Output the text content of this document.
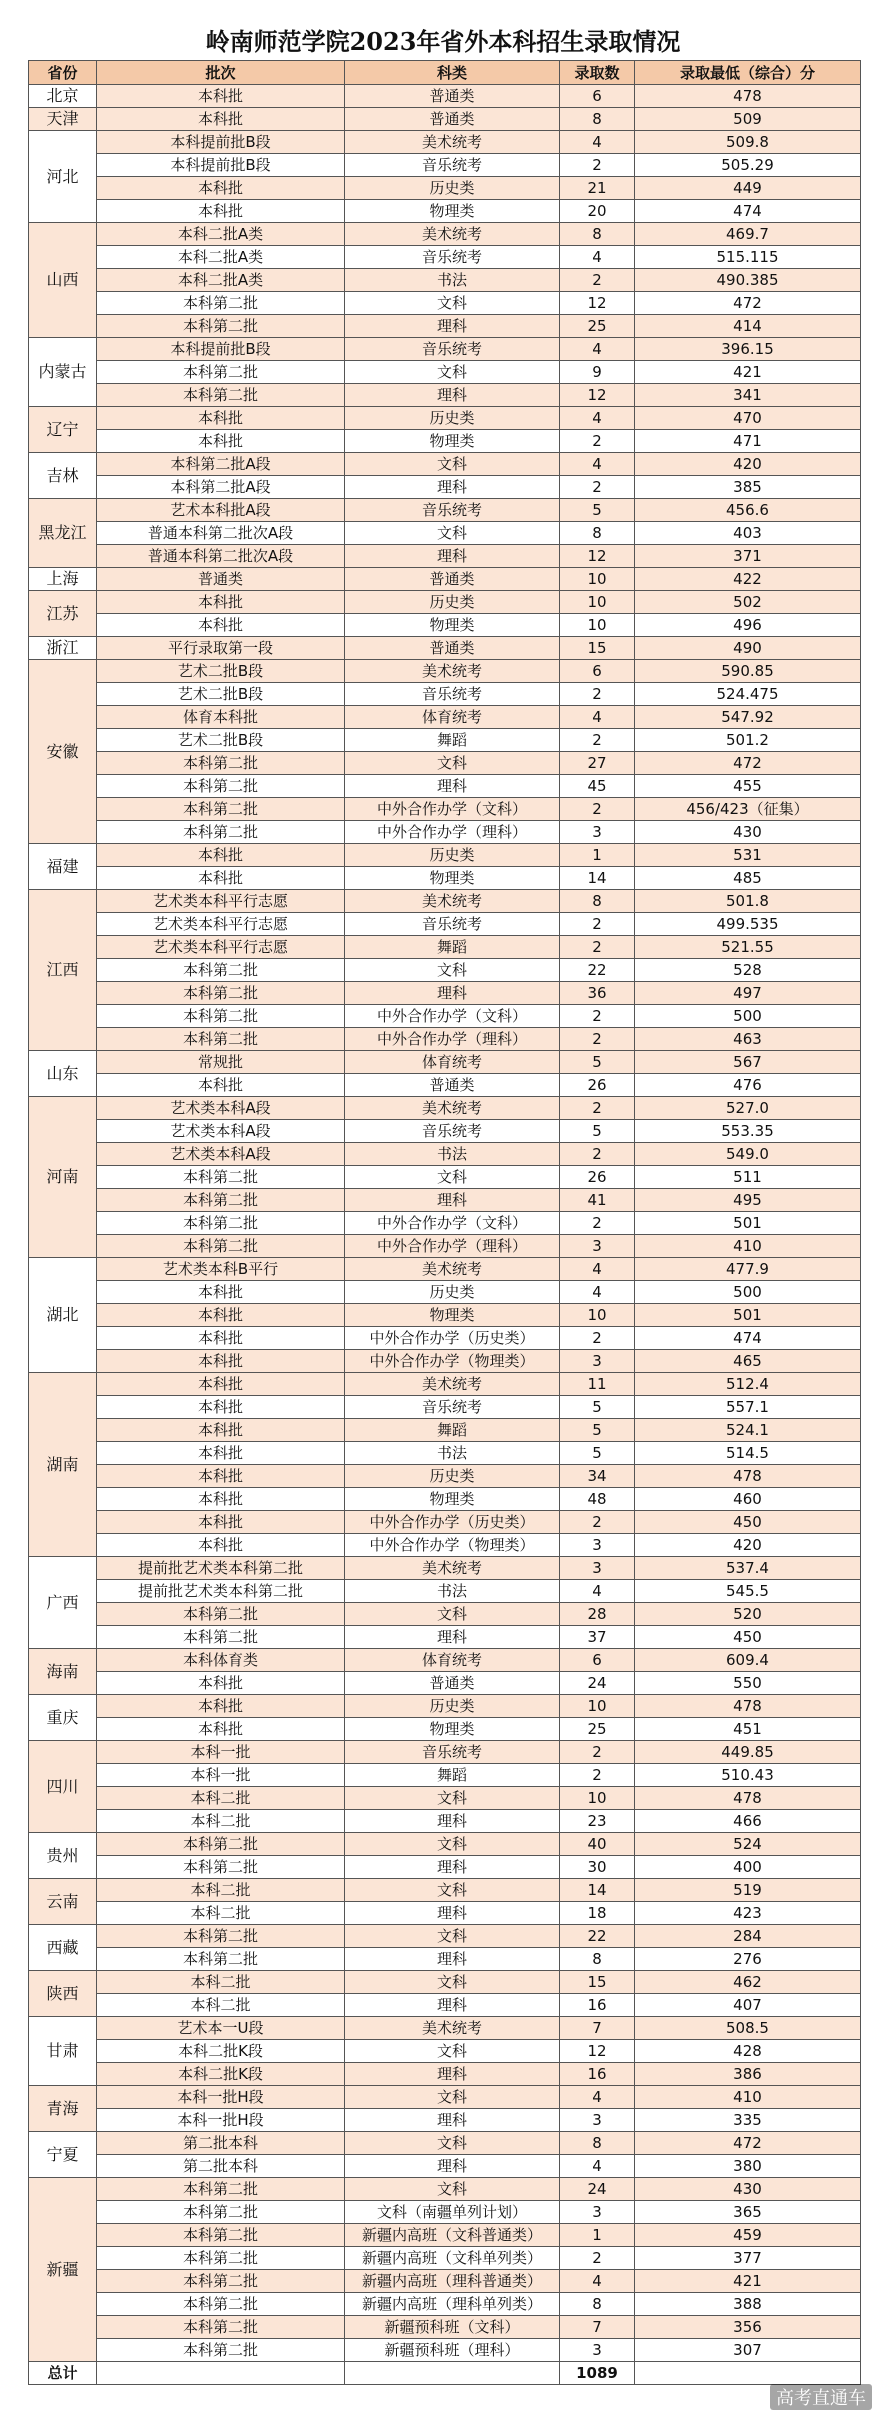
岭南师范学院2023年省外本科招生录取情况
省份	批次	科类	录取数	录取最低（综合）分
北京	本科批	普通类	6	478
天津	本科批	普通类	8	509
河北	本科提前批B段	美术统考	4	509.8
	本科提前批B段	音乐统考	2	505.29
	本科批	历史类	21	449
	本科批	物理类	20	474
山西	本科二批A类	美术统考	8	469.7
	本科二批A类	音乐统考	4	515.115
	本科二批A类	书法	2	490.385
	本科第二批	文科	12	472
	本科第二批	理科	25	414
内蒙古	本科提前批B段	音乐统考	4	396.15
	本科第二批	文科	9	421
	本科第二批	理科	12	341
辽宁	本科批	历史类	4	470
	本科批	物理类	2	471
吉林	本科第二批A段	文科	4	420
	本科第二批A段	理科	2	385
黑龙江	艺术本科批A段	音乐统考	5	456.6
	普通本科第二批次A段	文科	8	403
	普通本科第二批次A段	理科	12	371
上海	普通类	普通类	10	422
江苏	本科批	历史类	10	502
	本科批	物理类	10	496
浙江	平行录取第一段	普通类	15	490
安徽	艺术二批B段	美术统考	6	590.85
	艺术二批B段	音乐统考	2	524.475
	体育本科批	体育统考	4	547.92
	艺术二批B段	舞蹈	2	501.2
	本科第二批	文科	27	472
	本科第二批	理科	45	455
	本科第二批	中外合作办学（文科）	2	456/423（征集）
	本科第二批	中外合作办学（理科）	3	430
福建	本科批	历史类	1	531
	本科批	物理类	14	485
江西	艺术类本科平行志愿	美术统考	8	501.8
	艺术类本科平行志愿	音乐统考	2	499.535
	艺术类本科平行志愿	舞蹈	2	521.55
	本科第二批	文科	22	528
	本科第二批	理科	36	497
	本科第二批	中外合作办学（文科）	2	500
	本科第二批	中外合作办学（理科）	2	463
山东	常规批	体育统考	5	567
	本科批	普通类	26	476
河南	艺术类本科A段	美术统考	2	527.0
	艺术类本科A段	音乐统考	5	553.35
	艺术类本科A段	书法	2	549.0
	本科第二批	文科	26	511
	本科第二批	理科	41	495
	本科第二批	中外合作办学（文科）	2	501
	本科第二批	中外合作办学（理科）	3	410
湖北	艺术类本科B平行	美术统考	4	477.9
	本科批	历史类	4	500
	本科批	物理类	10	501
	本科批	中外合作办学（历史类）	2	474
	本科批	中外合作办学（物理类）	3	465
湖南	本科批	美术统考	11	512.4
	本科批	音乐统考	5	557.1
	本科批	舞蹈	5	524.1
	本科批	书法	5	514.5
	本科批	历史类	34	478
	本科批	物理类	48	460
	本科批	中外合作办学（历史类）	2	450
	本科批	中外合作办学（物理类）	3	420
广西	提前批艺术类本科第二批	美术统考	3	537.4
	提前批艺术类本科第二批	书法	4	545.5
	本科第二批	文科	28	520
	本科第二批	理科	37	450
海南	本科体育类	体育统考	6	609.4
	本科批	普通类	24	550
重庆	本科批	历史类	10	478
	本科批	物理类	25	451
四川	本科一批	音乐统考	2	449.85
	本科一批	舞蹈	2	510.43
	本科二批	文科	10	478
	本科二批	理科	23	466
贵州	本科第二批	文科	40	524
	本科第二批	理科	30	400
云南	本科二批	文科	14	519
	本科二批	理科	18	423
西藏	本科第二批	文科	22	284
	本科第二批	理科	8	276
陕西	本科二批	文科	15	462
	本科二批	理科	16	407
甘肃	艺术本一U段	美术统考	7	508.5
	本科二批K段	文科	12	428
	本科二批K段	理科	16	386
青海	本科一批H段	文科	4	410
	本科一批H段	理科	3	335
宁夏	第二批本科	文科	8	472
	第二批本科	理科	4	380
新疆	本科第二批	文科	24	430
	本科第二批	文科（南疆单列计划）	3	365
	本科第二批	新疆内高班（文科普通类）	1	459
	本科第二批	新疆内高班（文科单列类）	2	377
	本科第二批	新疆内高班（理科普通类）	4	421
	本科第二批	新疆内高班（理科单列类）	8	388
	本科第二批	新疆预科班（文科）	7	356
	本科第二批	新疆预科班（理科）	3	307
总计			1089	
高考直通车
